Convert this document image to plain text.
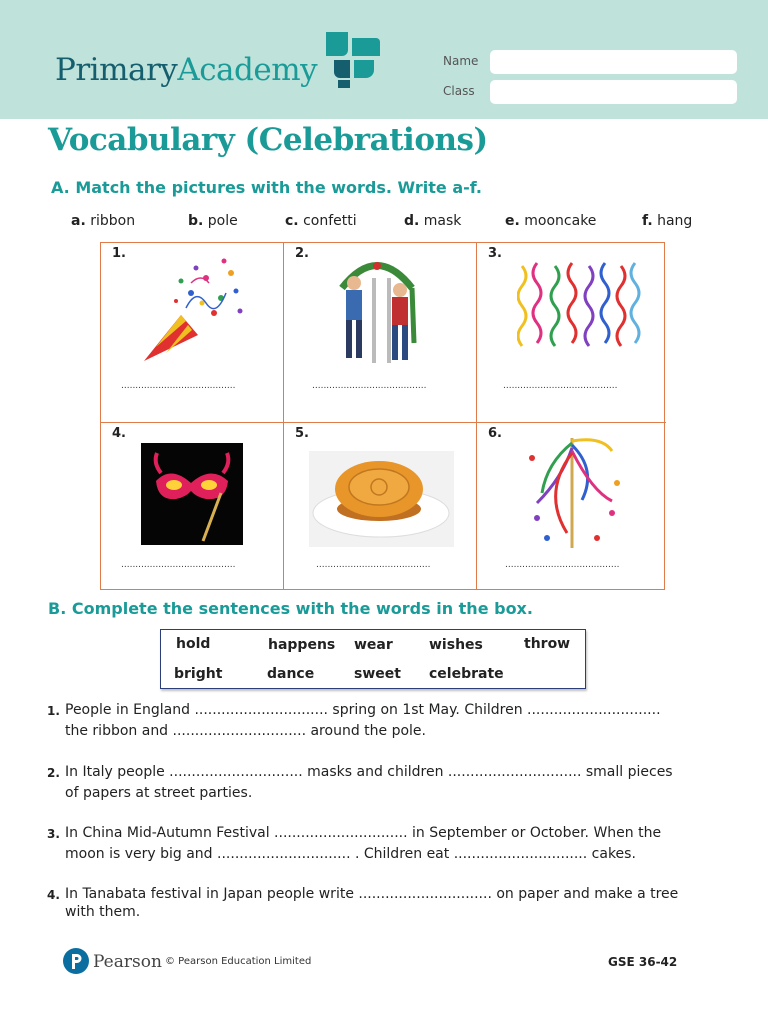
PrimaryAcademy	Name
Class
Vocabulary (Celebrations)
A. Match the pictures with the words. Write a-f.
a. ribbon	b. pole	c. confetti	d. mask	e. mooncake	f. hang
1.
........................................
2.
........................................
3.
........................................
4.
........................................
5.
........................................
6.
........................................
B. Complete the sentences with the words in the box.
hold	happens wear	wishes	throw
bright	dance	sweet celebrate
1. People in England .............................. spring on 1st May. Children .............................. the ribbon and .............................. around the pole.
2. In Italy people .............................. masks and children .............................. small pieces of papers at street parties.
3. In China Mid-Autumn Festival .............................. in September or October. When the moon is very big and .............................. . Children eat .............................. cakes.
4. In Tanabata festival in Japan people write .............................. on paper and make a tree with them.
Pearson © Pearson Education Limited	GSE 36-42
